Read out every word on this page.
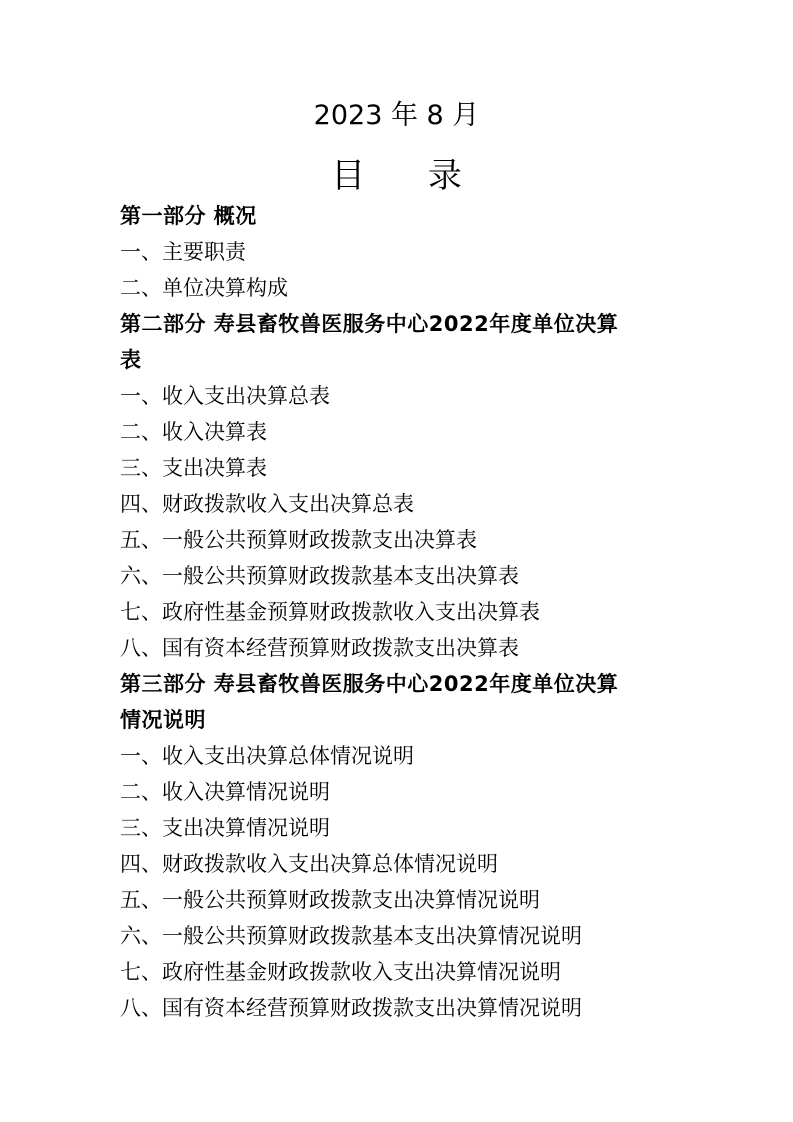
2023 年 8 月
目 录
第一部分 概况
一、主要职责
二、单位决算构成
第二部分 寿县畜牧兽医服务中心2022年度单位决算
表
一、收入支出决算总表
二、收入决算表
三、支出决算表
四、财政拨款收入支出决算总表
五、一般公共预算财政拨款支出决算表
六、一般公共预算财政拨款基本支出决算表
七、政府性基金预算财政拨款收入支出决算表
八、国有资本经营预算财政拨款支出决算表
第三部分 寿县畜牧兽医服务中心2022年度单位决算
情况说明
一、收入支出决算总体情况说明
二、收入决算情况说明
三、支出决算情况说明
四、财政拨款收入支出决算总体情况说明
五、一般公共预算财政拨款支出决算情况说明
六、一般公共预算财政拨款基本支出决算情况说明
七、政府性基金财政拨款收入支出决算情况说明
八、国有资本经营预算财政拨款支出决算情况说明
